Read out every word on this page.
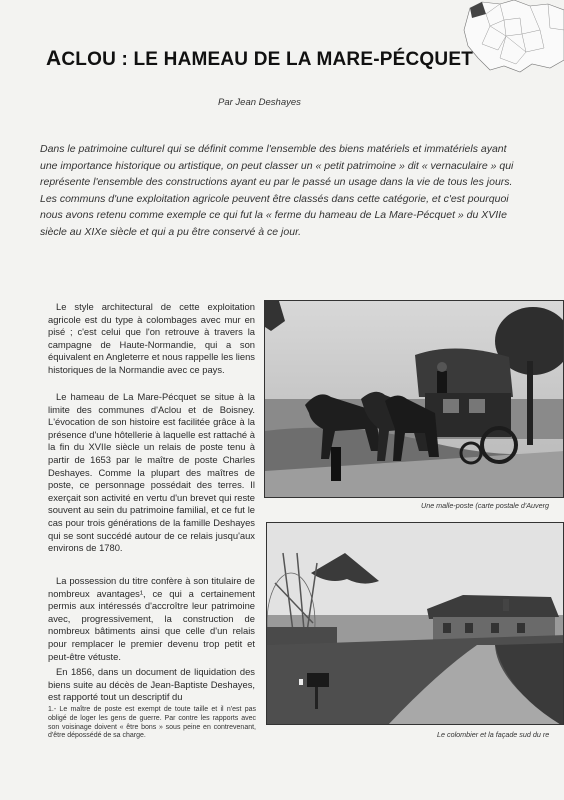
ACLOU : LE HAMEAU DE LA MARE-PÉCQUET
Par Jean Deshayes
Dans le patrimoine culturel qui se définit comme l'ensemble des biens matériels et immatériels ayant une importance historique ou artistique, on peut classer un « petit patrimoine » dit « vernaculaire » qui représente l'ensemble des constructions ayant eu par le passé un usage dans la vie de tous les jours. Les communs d'une exploitation agricole peuvent être classés dans cette catégorie, et c'est pourquoi nous avons retenu comme exemple ce qui fut la « ferme du hameau de La Mare-Pécquet » du XVIIe siècle au XIXe siècle et qui a pu être conservé à ce jour.

Le style architectural de cette exploitation agricole est du type à colombages avec mur en pisé ; c'est celui que l'on retrouve à travers la campagne de Haute-Normandie, qui a son équivalent en Angleterre et nous rappelle les liens historiques de la Normandie avec ce pays.

Le hameau de La Mare-Pécquet se situe à la limite des communes d'Aclou et de Boisney. L'évocation de son histoire est facilitée grâce à la présence d'une hôtellerie à laquelle est rattaché à la fin du XVIIe siècle un relais de poste tenu à partir de 1653 par le maître de poste Charles Deshayes. Comme la plupart des maîtres de poste, ce personnage possédait des terres. Il exerçait son activité en vertu d'un brevet qui reste souvent au sein du patrimoine familial, et ce fut le cas pour trois générations de la famille Deshayes qui se sont succédé autour de ce relais jusqu'aux environs de 1780.

La possession du titre confère à son titulaire de nombreux avantages¹, ce qui a certainement permis aux intéressés d'accroître leur patrimoine avec, progressivement, la construction de nombreux bâtiments ainsi que celle d'un relais pour remplacer le premier devenu trop petit et peut-être vétuste.

En 1856, dans un document de liquidation des biens suite au décès de Jean-Baptiste Deshayes, est rapporté tout un descriptif du

1.- Le maître de poste est exempt de toute taille et il n'est pas obligé de loger les gens de guerre. Par contre les rapports avec son voisinage doivent « être bons » sous peine en contrevenant, d'être dépossédé de sa charge.
Une malle-poste (carte postale d'Auverg
Le colombier et la façade sud du re
